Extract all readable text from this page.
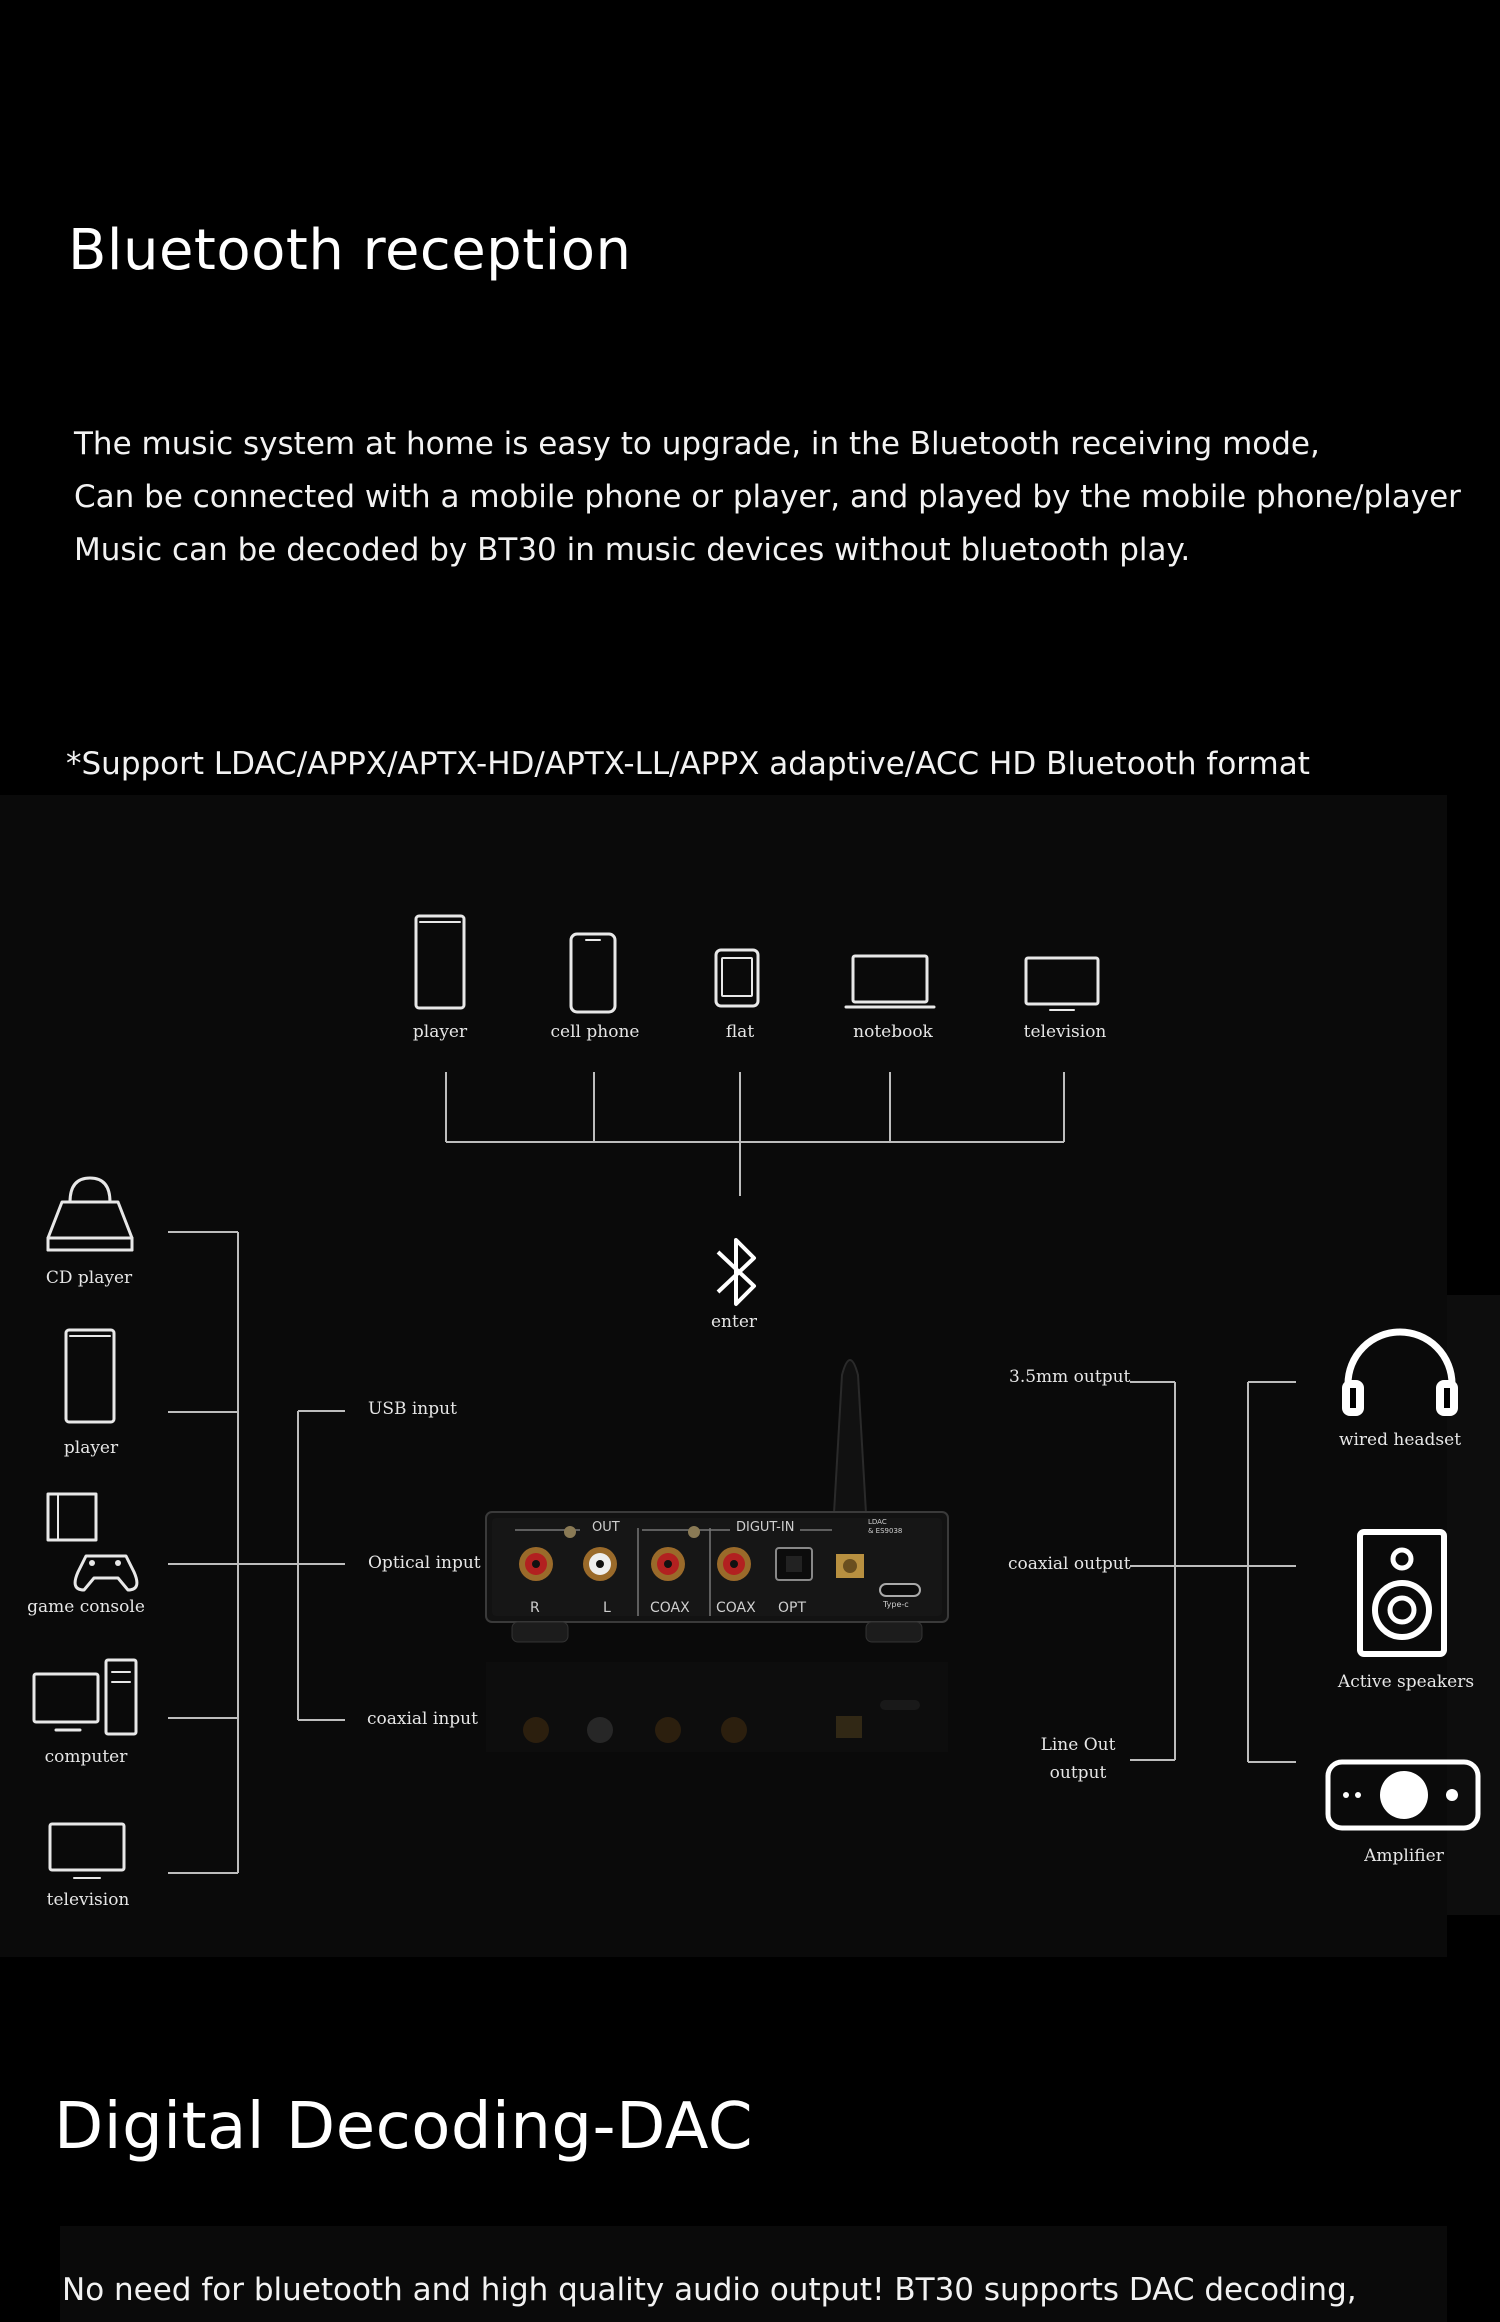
Bluetooth reception
The music system at home is easy to upgrade, in the Bluetooth receiving mode,
Can be connected with a mobile phone or player, and played by the mobile phone/player
Music can be decoded by BT30 in music devices without bluetooth play.
*Support LDAC/APPX/APTX-HD/APTX-LL/APPX adaptive/ACC HD Bluetooth format
OUT	DIGUT-IN
R	L	COAX COAX OPT
LDAC
& ES9038
Type-c
player	cell phone	flat	notebook	television
enter
CD player
player
game console
computer
television
USB input
Optical input
coaxial input
3.5mm output
coaxial output
Line Out
output
wired headset
Active speakers
Amplifier
Digital Decoding-DAC
No need for bluetooth and high quality audio output! BT30 supports DAC decoding,
